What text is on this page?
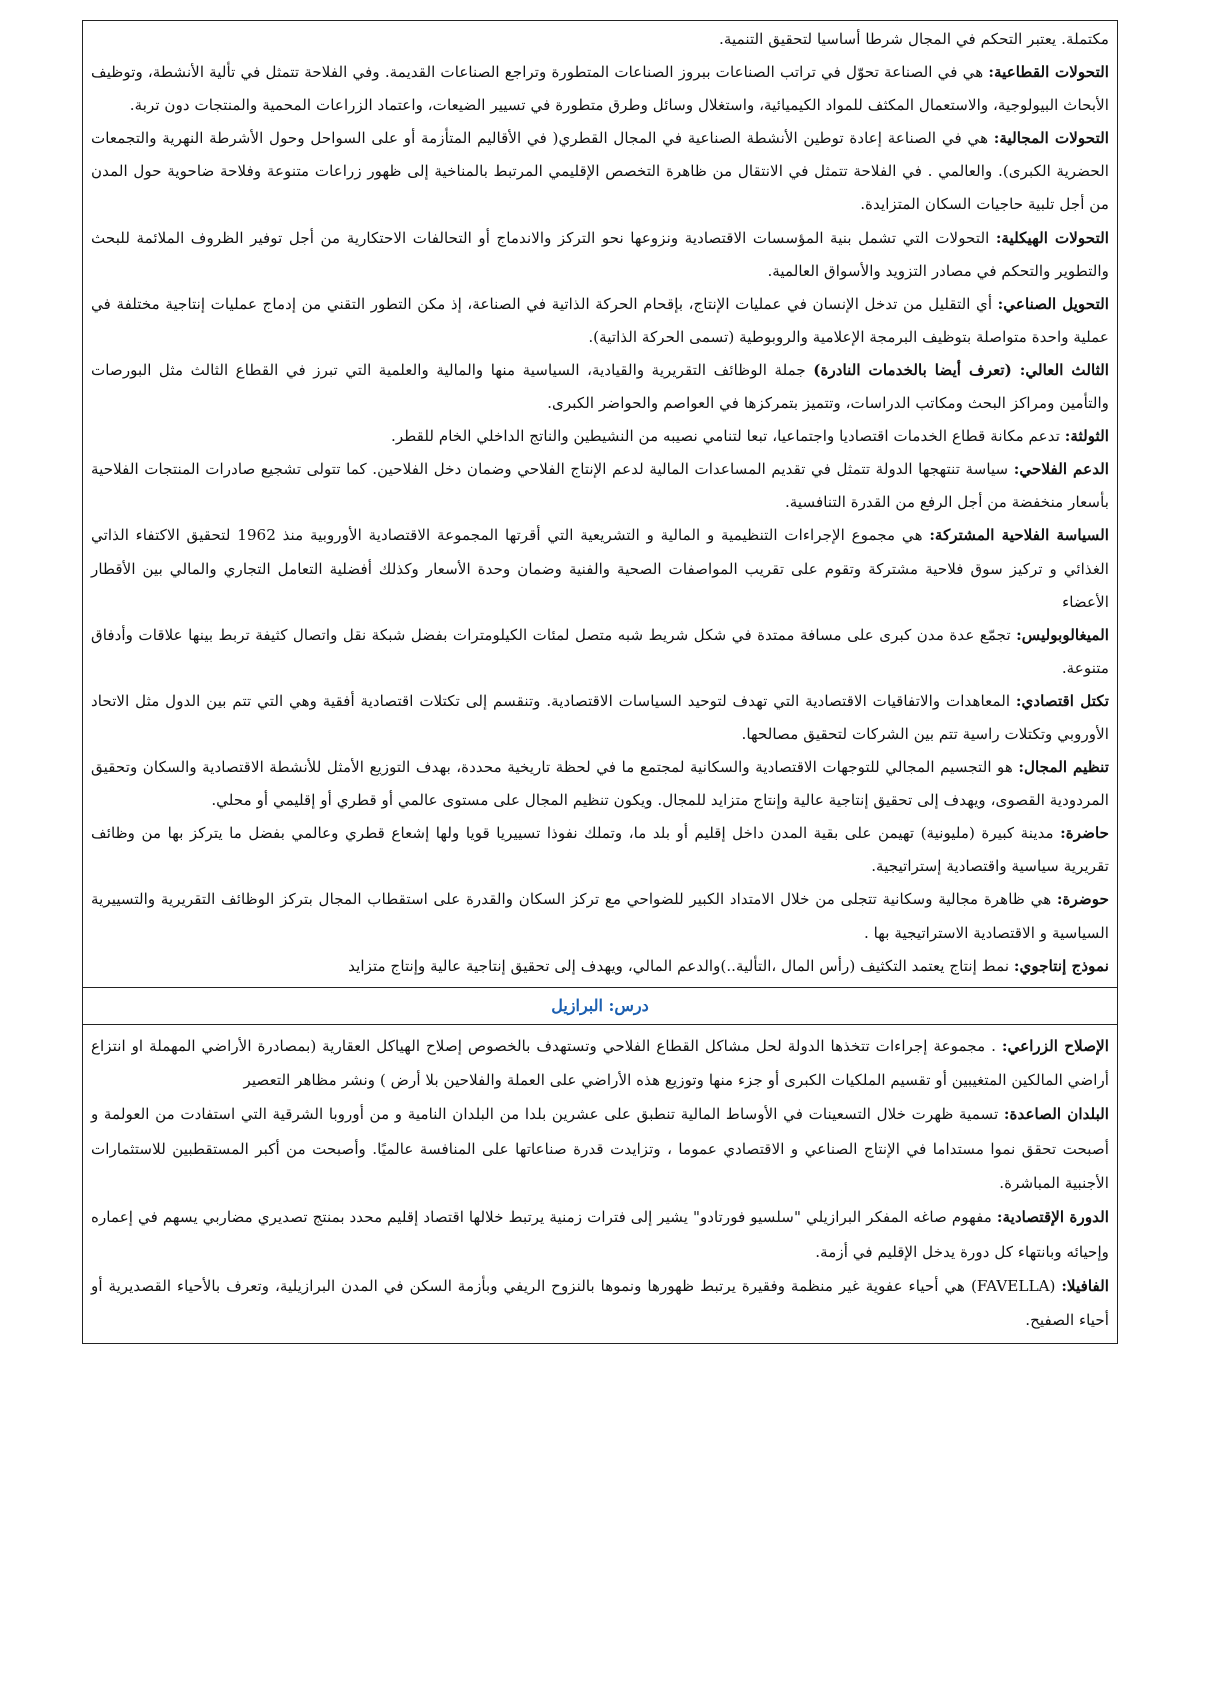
مكتملة. يعتبر التحكم في المجال شرطا أساسيا لتحقيق التنمية.
التحولات القطاعية: هي في الصناعة تحوّل في تراتب الصناعات ببروز الصناعات المتطورة وتراجع الصناعات القديمة. وفي الفلاحة تتمثل في تألية الأنشطة، وتوظيف الأبحاث البيولوجية، والاستعمال المكثف للمواد الكيميائية، واستغلال وسائل وطرق متطورة في تسيير الضيعات، واعتماد الزراعات المحمية والمنتجات دون تربة.
التحولات المجالية: هي في الصناعة إعادة توطين الأنشطة الصناعية في المجال القطري( في الأقاليم المتأزمة أو على السواحل وحول الأشرطة النهرية والتجمعات الحضرية الكبرى). والعالمي . في الفلاحة تتمثل في الانتقال من ظاهرة التخصص الإقليمي المرتبط بالمناخية إلى ظهور زراعات متنوعة وفلاحة ضاحوية حول المدن من أجل تلبية حاجيات السكان المتزايدة.
التحولات الهيكلية: التحولات التي تشمل بنية المؤسسات الاقتصادية ونزوعها نحو التركز والاندماج أو التحالفات الاحتكارية من أجل توفير الظروف الملائمة للبحث والتطوير والتحكم في مصادر التزويد والأسواق العالمية.
التحويل الصناعي: أي التقليل من تدخل الإنسان في عمليات الإنتاج، بإقحام الحركة الذاتية في الصناعة، إذ مكن التطور التقني من إدماج عمليات إنتاجية مختلفة في عملية واحدة متواصلة بتوظيف البرمجة الإعلامية والروبوطية (تسمى الحركة الذاتية).
الثالث العالي: (تعرف أيضا بالخدمات النادرة) جملة الوظائف التقريرية والقيادية، السياسية منها والمالية والعلمية التي تبرز في القطاع الثالث مثل البورصات والتأمين ومراكز البحث ومكاتب الدراسات، وتتميز بتمركزها في العواصم والحواضر الكبرى.
الثولثة: تدعم مكانة قطاع الخدمات اقتصاديا واجتماعيا، تبعا لتنامي نصيبه من النشيطين والناتج الداخلي الخام للقطر.
الدعم الفلاحي: سياسة تنتهجها الدولة تتمثل في تقديم المساعدات المالية لدعم الإنتاج الفلاحي وضمان دخل الفلاحين. كما تتولى تشجيع صادرات المنتجات الفلاحية بأسعار منخفضة من أجل الرفع من القدرة التنافسية.
السياسة الفلاحية المشتركة: هي مجموع الإجراءات التنظيمية و المالية و التشريعية التي أقرتها المجموعة الاقتصادية الأوروبية منذ 1962 لتحقيق الاكتفاء الذاتي الغذائي و تركيز سوق فلاحية مشتركة وتقوم على تقريب المواصفات الصحية والفنية وضمان وحدة الأسعار وكذلك أفضلية التعامل التجاري والمالي بين الأقطار الأعضاء
الميغالوبوليس: تجمّع عدة مدن كبرى على مسافة ممتدة في شكل شريط شبه متصل لمئات الكيلومترات بفضل شبكة نقل واتصال كثيفة تربط بينها علاقات وأدفاق متنوعة.
تكتل اقتصادي: المعاهدات والاتفاقيات الاقتصادية التي تهدف لتوحيد السياسات الاقتصادية. وتنقسم إلى تكتلات اقتصادية أفقية وهي التي تتم بين الدول مثل الاتحاد الأوروبي وتكتلات راسية تتم بين الشركات لتحقيق مصالحها.
تنظيم المجال: هو التجسيم المجالي للتوجهات الاقتصادية والسكانية لمجتمع ما في لحظة تاريخية محددة، بهدف التوزيع الأمثل للأنشطة الاقتصادية والسكان وتحقيق المردودية القصوى، ويهدف إلى تحقيق إنتاجية عالية وإنتاج متزايد للمجال. ويكون تنظيم المجال على مستوى عالمي أو قطري أو إقليمي أو محلي.
حاضرة: مدينة كبيرة (مليونية) تهيمن على بقية المدن داخل إقليم أو بلد ما، وتملك نفوذا تسييريا قويا ولها إشعاع قطري وعالمي بفضل ما يتركز بها من وظائف تقريرية سياسية واقتصادية إستراتيجية.
حوضرة: هي ظاهرة مجالية وسكانية تتجلى من خلال الامتداد الكبير للضواحي مع تركز السكان والقدرة على استقطاب المجال بتركز الوظائف التقريرية والتسييرية السياسية و الاقتصادية الاستراتيجية بها .
نموذج إنتاجوي: نمط إنتاج يعتمد التكثيف (رأس المال ،التألية..)والدعم المالي، ويهدف إلى تحقيق إنتاجية عالية وإنتاج متزايد
درس: البرازيل
الإصلاح الزراعي: . مجموعة إجراءات تتخذها الدولة لحل مشاكل القطاع الفلاحي وتستهدف بالخصوص إصلاح الهياكل العقارية (بمصادرة الأراضي المهملة او انتزاع أراضي المالكين المتغيبين أو تقسيم الملكيات الكبرى أو جزء منها وتوزيع هذه الأراضي على العملة والفلاحين بلا أرض ) ونشر مظاهر التعصير
البلدان الصاعدة: تسمية ظهرت خلال التسعينات في الأوساط المالية تنطبق على عشرين بلدا من البلدان النامية و من أوروبا الشرقية التي استفادت من العولمة و أصبحت تحقق نموا مستداما في الإنتاج الصناعي و الاقتصادي عموما ، وتزايدت قدرة صناعاتها على المنافسة عالميًا. وأصبحت من أكبر المستقطبين للاستثمارات الأجنبية المباشرة.
الدورة الإقتصادية: مفهوم صاغه المفكر البرازيلي "سلسيو فورتادو" يشير إلى فترات زمنية يرتبط خلالها اقتصاد إقليم محدد بمنتج تصديري مضاربي يسهم في إعماره وإحيائه وبانتهاء كل دورة يدخل الإقليم في أزمة.
الفافيلا: (FAVELLA) هي أحياء عفوية غير منظمة وفقيرة يرتبط ظهورها ونموها بالنزوح الريفي وبأزمة السكن في المدن البرازيلية، وتعرف بالأحياء القصديرية أو أحياء الصفيح.
